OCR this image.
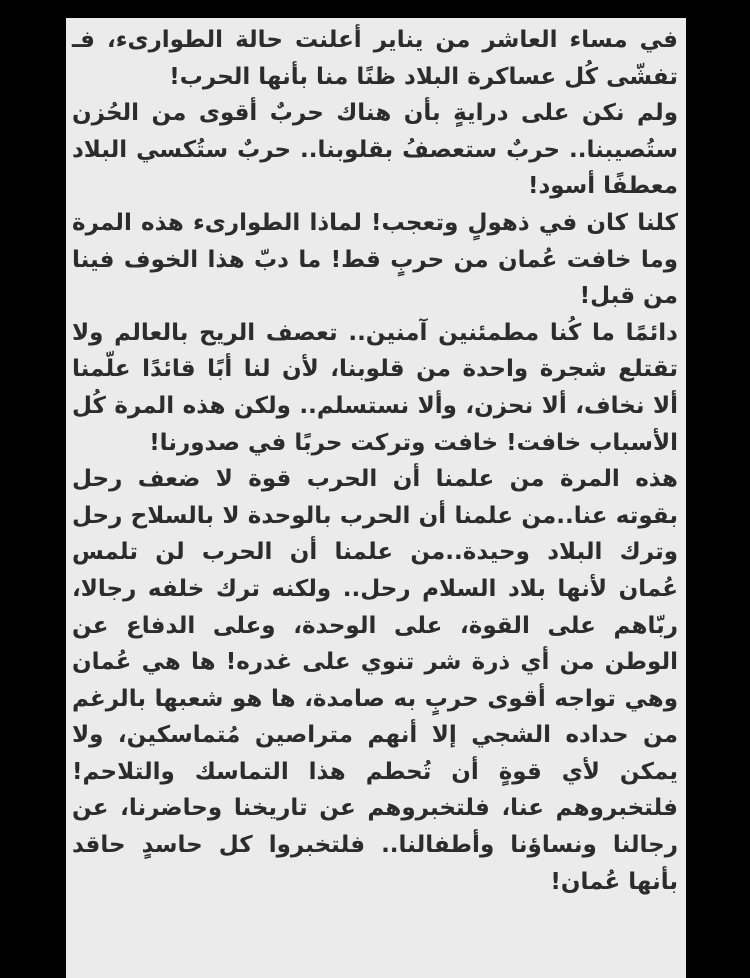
في مساء العاشر من يناير أعلنت حالة الطوارىء، فـ تفشّى كُل عساكرة البلاد ظنًا منا بأنها الحرب!

ولم نكن على درايةٍ بأن هناك حربٌ أقوى من الحُزن ستُصيبنا.. حربٌ ستعصفُ بقلوبنا.. حربٌ ستُكسي البلاد معطفًا أسود!

كلنا كان في ذهولٍ وتعجب! لماذا الطوارىء هذه المرة وما خافت عُمان من حربٍ قط! ما دبّ هذا الخوف فينا من قبل!

دائمًا ما كُنا مطمئنين آمنين.. تعصف الريح بالعالم ولا تقتلع شجرة واحدة من قلوبنا، لأن لنا أبًا قائدًا علّمنا ألا نخاف، ألا نحزن، وألا نستسلم.. ولكن هذه المرة كُل الأسباب خافت! خافت وتركت حربًا في صدورنا!

هذه المرة من علمنا أن الحرب قوة لا ضعف رحل بقوته عنا..من علمنا أن الحرب بالوحدة لا بالسلاح رحل وترك البلاد وحيدة..من علمنا أن الحرب لن تلمس عُمان لأنها بلاد السلام رحل.. ولكنه ترك خلفه رجالا، ربّاهم على القوة، على الوحدة، وعلى الدفاع عن الوطن من أي ذرة شر تنوي على غدره! ها هي عُمان وهي تواجه أقوى حربٍ به صامدة، ها هو شعبها بالرغم من حداده الشجي إلا أنهم متراصين مُتماسكين، ولا يمكن لأي قوةٍ أن تُحطم هذا التماسك والتلاحم! فلتخبروهم عنا، فلتخبروهم عن تاريخنا وحاضرنا، عن رجالنا ونساؤنا وأطفالنا.. فلتخبروا كل حاسدٍ حاقد بأنها عُمان!
